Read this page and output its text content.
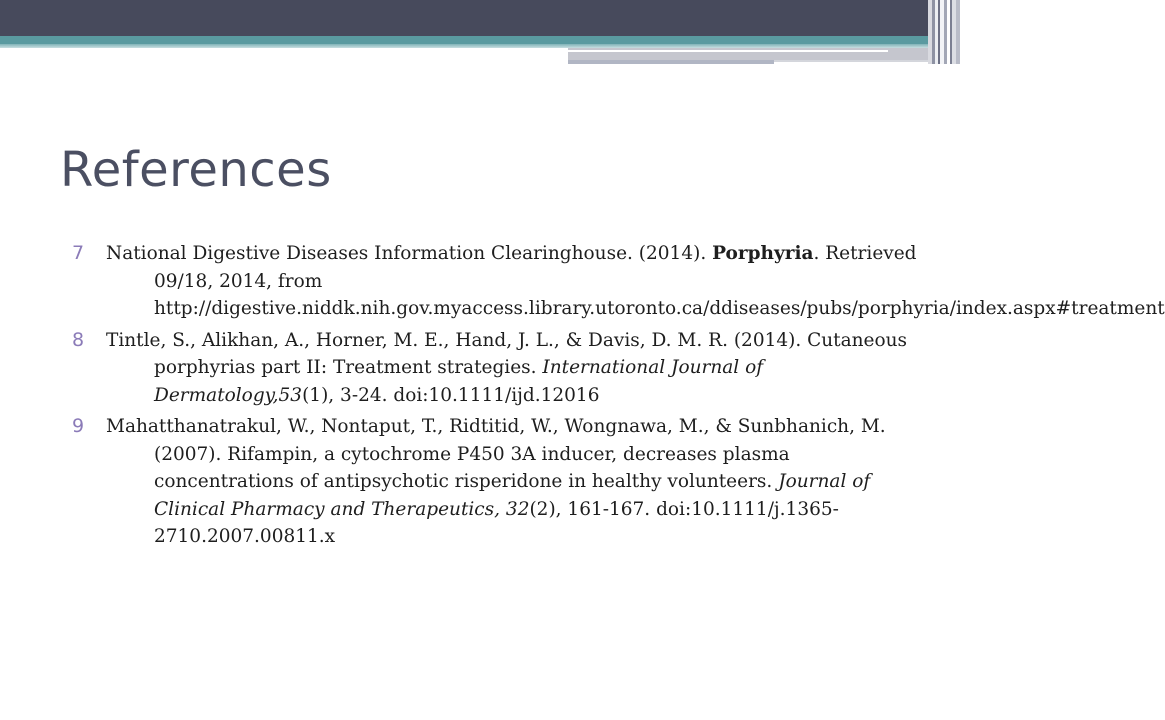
References
7 National Digestive Diseases Information Clearinghouse. (2014). Porphyria. Retrieved 09/18, 2014, from http://digestive.niddk.nih.gov.myaccess.library.utoronto.ca/ddiseases/pubs/porphyria/index.aspx#treatment
8 Tintle, S., Alikhan, A., Horner, M. E., Hand, J. L., & Davis, D. M. R. (2014). Cutaneous porphyrias part II: Treatment strategies. International Journal of Dermatology,53(1), 3-24. doi:10.1111/ijd.12016
9 Mahatthanatrakul, W., Nontaput, T., Ridtitid, W., Wongnawa, M., & Sunbhanich, M. (2007). Rifampin, a cytochrome P450 3A inducer, decreases plasma concentrations of antipsychotic risperidone in healthy volunteers. Journal of Clinical Pharmacy and Therapeutics, 32(2), 161-167. doi:10.1111/j.1365-2710.2007.00811.x
